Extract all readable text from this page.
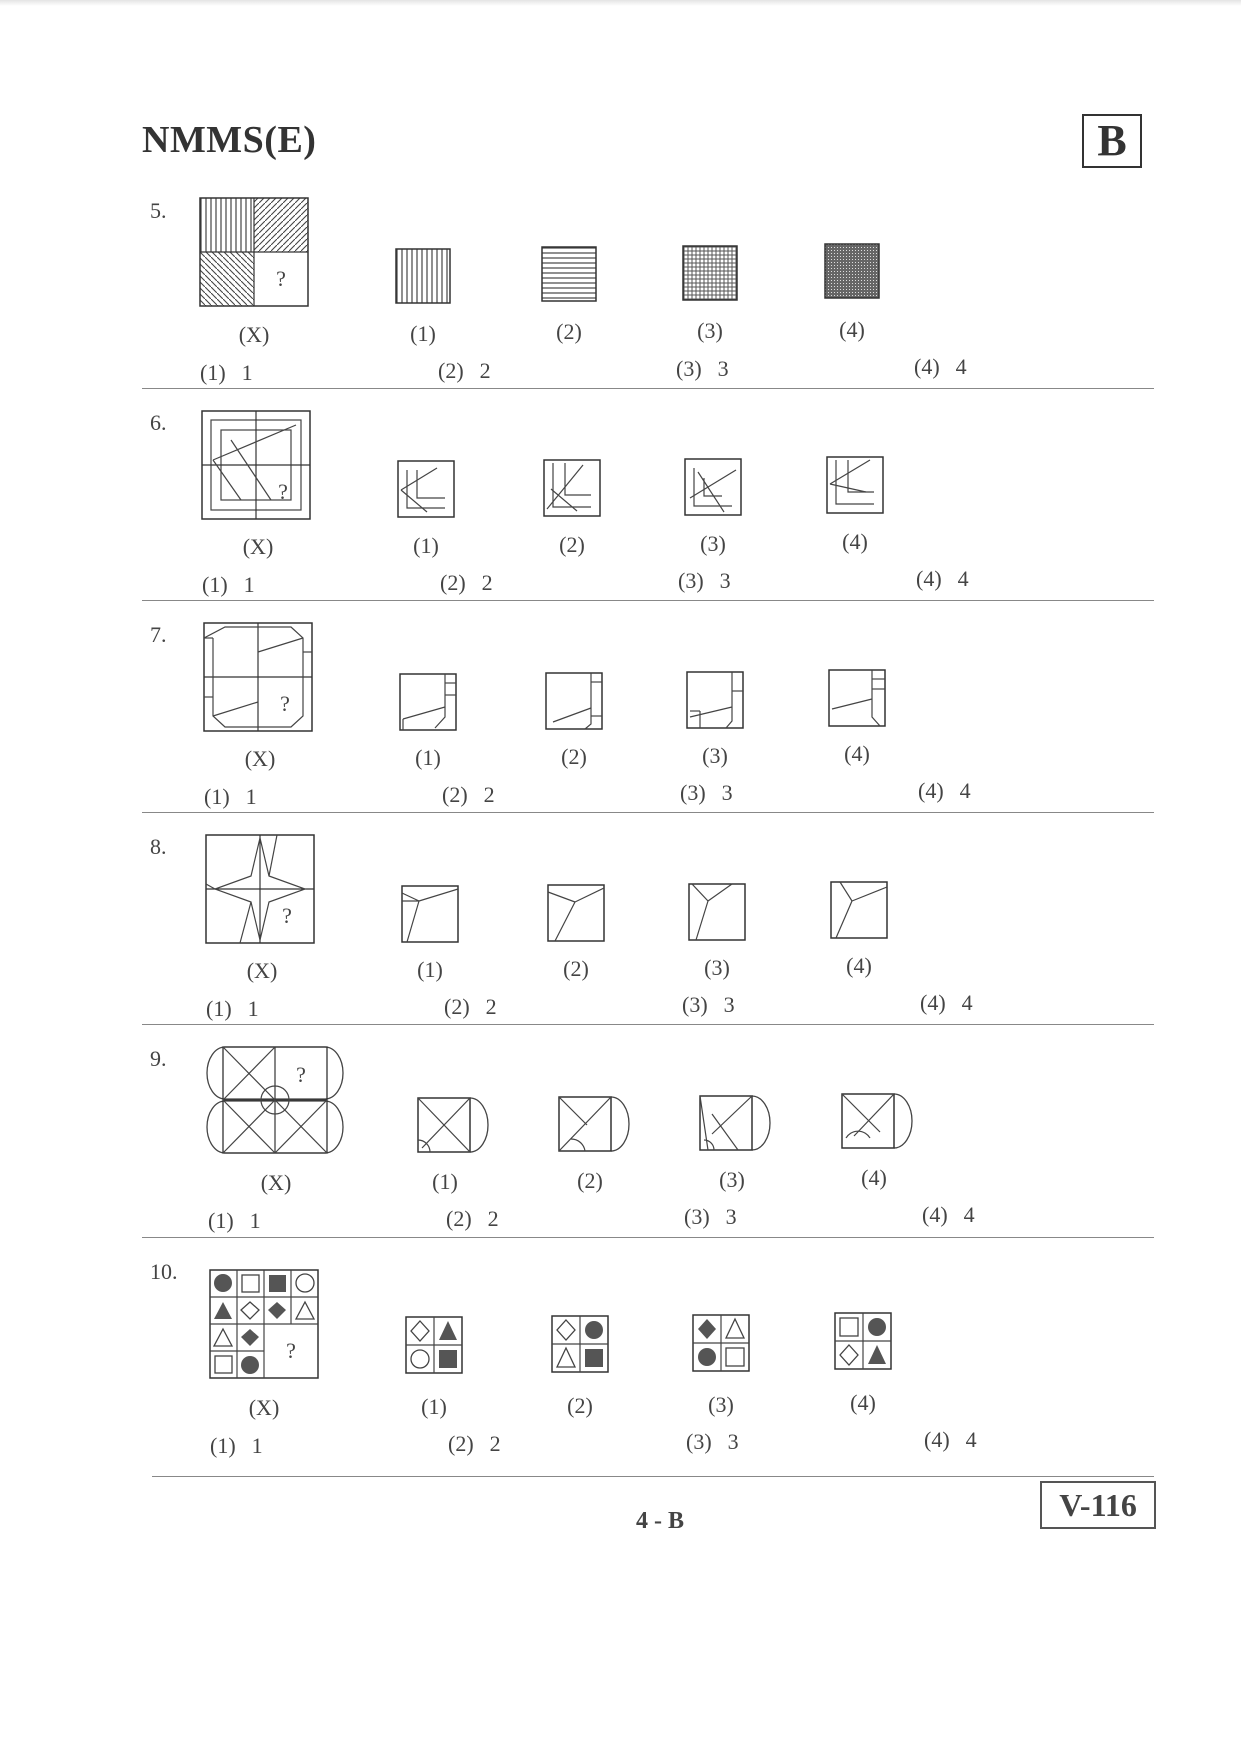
NMMS(E)	B
5.
?
(X)	(1)	(2)	(3)	(4)
(1) 1	(2) 2	(3) 3	(4) 4
6.
?
(X)	(1)	(2)	(3)	(4)
(1) 1	(2) 2	(3) 3	(4) 4
7.
?
(X)	(1)	(2)	(3)	(4)
(1) 1	(2) 2	(3) 3	(4) 4
8.
?
(X)	(1)	(2)	(3)	(4)
(1) 1	(2) 2	(3) 3	(4) 4
9.
?
(X)	(1)	(2)	(3)	(4)
(1) 1	(2) 2	(3) 3	(4) 4
10.
?
(X)	(1)	(2)	(3)	(4)
(1) 1	(2) 2	(3) 3	(4) 4
4 - B	V-116
